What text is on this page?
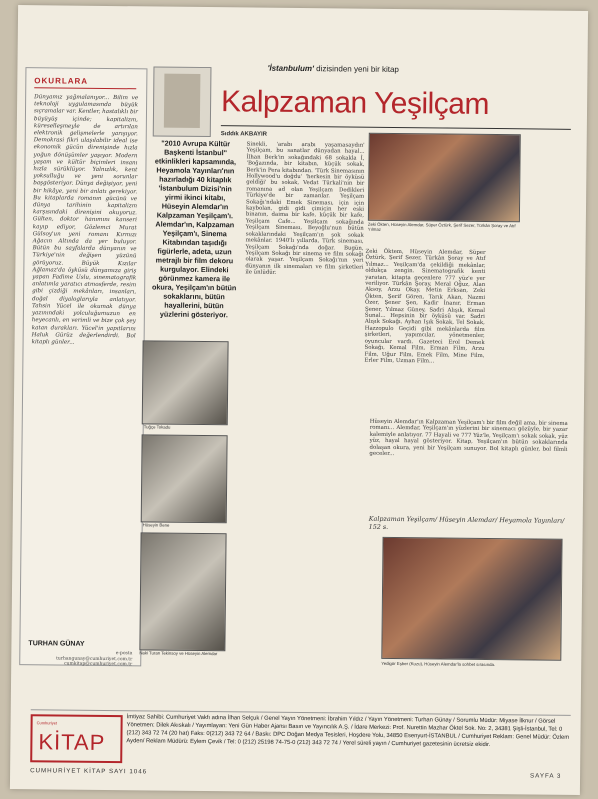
OKURLARA
Dünyamız yağmalanıyor... Bilim ve teknoloji uygulamasında büyük sıçramalar var. Kentler, hastalıklı bir büyüyüş içinde; kapitalizm, küreselleşmeyle de artırılan elektronik gelişmelerle yarışıyor. Demokrasi fikri ulaşılabilir ideal ise ekonomik gücün direnişinde hızla yoğun dönüşümler yaşıyor. Modern yaşam ve kültür biçimleri insanı hızla sürüklüyor. Yalnızlık, kent yoksulluğu ve yeni sorunlar başgösteriyor. Dünya değişiyor, yeni bir hikâye, yeni bir anlatı gerekiyor. Bu kitaplarda romanın gücünü ve dünya tarihinin kapitalizm karşısındaki direnişini okuyoruz. Gülten, doktor hanımını kanseri kayıp ediyor, Gözlemci Murat Gülsoy'un yeni romanı Kırmızı Ağacın Altında da yer buluyor. Bütün bu sayfalarda dünyanın ve Türkiye'nin değişen yüzünü görüyoruz. Büyük Kızılar Ağlamaz'da öyküsü dünyamıza giriş yapan Fadime Uslu, sinematografik anlatımla yaratıcı atmosferde, resim gibi çizdiği mekânları, insanları, doğal diyaloglarıyla anlatıyor. Tahsin Yücel ile okumak dünya yazınındaki yolculuğumuzun en heyecanlı, en verimli ve bize çok şey katan durakları. Yücel'in yapıtlarını Haluk Gürüz değerlendirdi. Bol kitaplı günler...
TURHAN GÜNAY
e-posta
turhangunay@cumhuriyet.com.tr
cumkitap@cumhuriyet.com.tr
'İstanbulum' dizisinden yeni bir kitap
Kalpzaman Yeşilçam
Sıddık AKBAYIR
"2010 Avrupa Kültür Başkenti İstanbul" etkinlikleri kapsamında, Heyamola Yayınları'nın hazırladığı 40 kitaplık 'İstanbulum Dizisi'nin yirmi ikinci kitabı, Hüseyin Alemdar'ın Kalpzaman Yeşilçam'ı. Alemdar'ın, Kalpzaman Yeşilçam'ı, Sinema Kitabından taşıdığı figürlerle, adeta, uzun metrajlı bir film dekoru kurgulayor. Elindeki görünmez kamera ile okura, Yeşilçam'ın bütün sokaklarını, bütün hayallerini, bütün yüzlerini gösteriyor.
Sinekli, 'arabı arabı yaşamasaydın' Yeşilçam, bu sanatlar dünyadan hayal... İlhan Berk'in sokağındaki 68 sokakla İ, 'Boğazında, bir kitabın, küçük sokak, Berk'in Pera kitabından. 'Türk Sinemasının Hollywood'u doğdu' 'herkesin bir öyküsü geldiği' bu sokak, Vedat Türkali'nin bir romanına ad olan Yeşilçam Dedikleri Türkiye'de bir zamanlar. Yeşilçam Sokağı'ndaki Emek Sineması, için için kaybolan, gidi gidi çimiçin her eski binanın, daima bir kafe, küçük bir kafe, Yeşilçam Cafe... Yeşilçam sokağında Yeşilçam Sineması, Beyoğlu'nun bütün sokaklarındaki Yeşilçam'ın şok sokak mekânlar. 1940'lı yıllarda, Türk sineması, Yeşilçam Sokağı'nda doğar. Bugün, Yeşilçam Sokağı bir sinema ve film sokağı olarak yaşar. Yeşilçam Sokağı'nın yeri dünyanın ilk sinemaları ve film şirketleri ile ünlüdür.
Zeki Ökten, Hüseyin Alemdar, Süper Öztürk, Şerif Sezer, Türkân Şoray ve Atıf Yılmaz
Zeki Öktem, Hüseyin Alemdar, Süper Öztürk, Şerif Sezer, Türkân Şoray ve Atıf Yılmaz... Yeşilçam'da çekildiği mekânlar, oldukça zengin. Sinematografik kenti yaratan, kitapta geçenlere 777 yüz'e yer veriliyor. Türkân Şoray, Meral Oğuz, Alan Aksoy, Arzu Okay, Metin Erksan, Zeki Ökten, Şerif Gören, Tarık Akan, Nazmi Özer, Şener Şen, Kadir İnanır, Erman Şener, Yılmaz Güney, Sadri Alışık, Kemal Sunal... Hepsinin bir öyküsü var. Sadri Alışık Sokağı, Ayhan Işık Sokak, Tel Sokak, Hazzopulo Geçidi gibi mekânlarda film şirketleri, yapımcılar, yönetmenler, oyuncular vardı. Gazeteci Erol Demek Sokağı, Kemal Film, Erman Film, Arzu Film, Uğur Film, Emek Film, Mine Film, Erler Film, Uzman Film...
Tuğçe Tokadu
Hüseyin Bene
Naki Turan Tekinsoy ve Hüseyin Alemdar
Kalpzaman Yeşilçam/ Hüseyin Alemdar/ Heyamola Yayınları/ 152 s.
Hüseyin Alemdar'ın Kalpzaman Yeşilçam'ı bir film değil ama, bir sinema romanı... Alemdar, Yeşilçam'ın yüzlerini bir sinemacı gözüyle, bir yazar kalemiyle anlatıyor. 77 Hayali ve 777 Yüz'le, Yeşilçam'ı sokak sokak, yüz yüz, hayal hayal gösteriyor. Kitap, Yeşilçam'ın bütün sokaklarında dolaşan okura, yeni bir Yeşilçam sunuyor. Bol kitaplı günler, bol filmli geceler...
Yedigör Eşber (Kuzu), Hüseyin Alemdar'la sohbet sırasında.
Cumhuriyet
KİTAP
İmtiyaz Sahibi: Cumhuriyet Vakfı adına İlhan Selçuk / Genel Yayın Yönetmeni: İbrahim Yıldız / Yayın Yönetmeni: Turhan Günay / Sorumlu Müdür: Miyase İlknur / Görsel Yönetmen: Dilek Akıskalı / Yayımlayan: Yeni Gün Haber Ajansı Basın ve Yayıncılık A.Ş. / İdare Merkezi: Prof. Nurettin Mazhar Öktel Sok. No: 2, 34381 Şişli-İstanbul, Tel: 0 (212) 343 72 74 (20 hat) Faks: 0(212) 343 72 64 / Baskı: DPC Doğan Medya Tesisleri, Hoşdere Yolu, 34850 Esenyurt-İSTANBUL / Cumhuriyet Reklam: Genel Müdür: Özlem Ayden/ Reklam Müdürü: Eylem Çevik / Tel: 0 (212) 25198 74-75-0 (212) 343 72 74 / Yerel süreli yayın / Cumhuriyet gazetesinin ücretsiz ekidir.
CUMHURİYET KİTAP SAYI 1046
SAYFA 3
